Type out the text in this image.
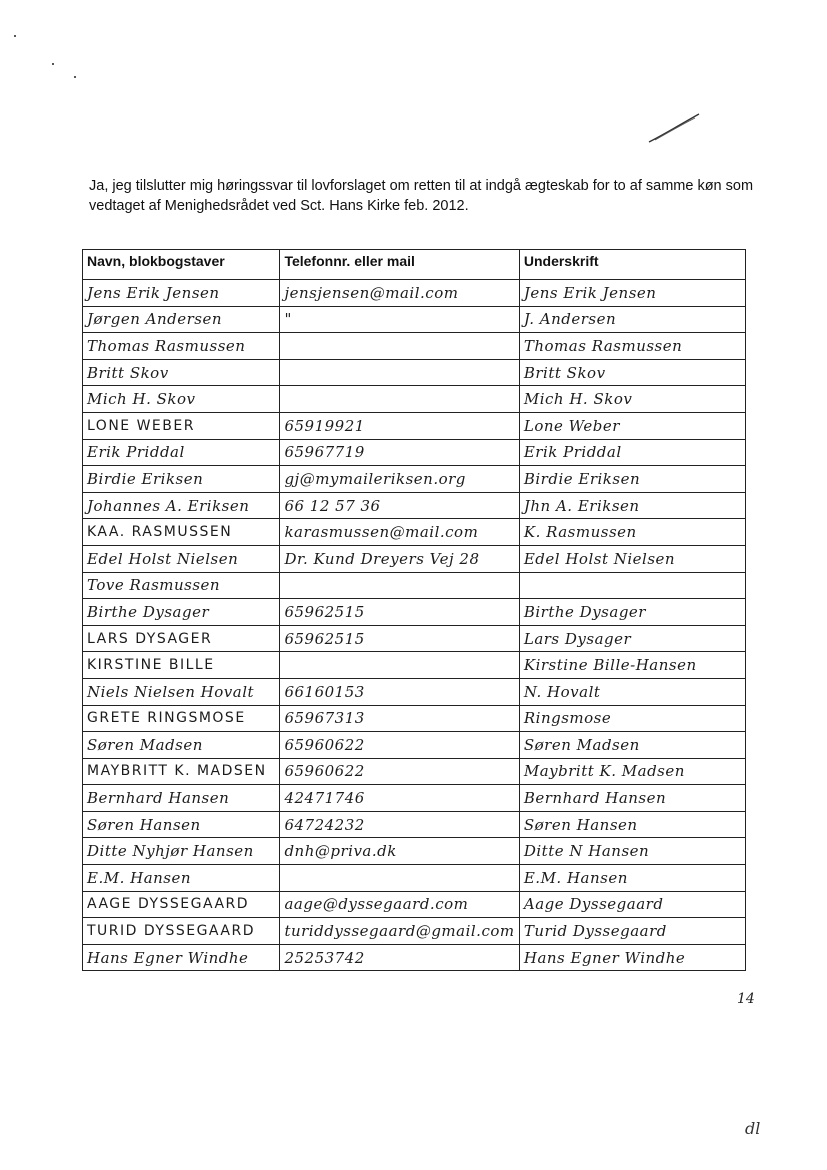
Ja, jeg tilslutter mig høringssvar til lovforslaget om retten til at indgå ægteskab for to af samme køn som vedtaget af Menighedsrådet ved Sct. Hans Kirke feb. 2012.

Navn, blokbogstaver	Telefonnr. eller mail	Underskrift
Jens Erik Jensen	jensjensen@mail.com	Jens Erik Jensen
Jørgen Andersen	"	J. Andersen
Thomas Rasmussen		Thomas Rasmussen
Britt Skov		Britt Skov
Mich H. Skov		Mich H. Skov
LONE WEBER	65919921	Lone Weber
Erik Priddal	65967719	Erik Priddal
Birdie Eriksen	gj@mymaileriksen.org	Birdie Eriksen
Johannes A. Eriksen	66 12 57 36	Jhn A. Eriksen
KAA. RASMUSSEN	karasmussen@mail.com	K. Rasmussen
Edel Holst Nielsen	Dr. Kund Dreyers Vej 28	Edel Holst Nielsen
Tove Rasmussen		
Birthe Dysager	65962515	Birthe Dysager
LARS DYSAGER	65962515	Lars Dysager
KIRSTINE BILLE		Kirstine Bille-Hansen
Niels Nielsen Hovalt	66160153	N. Hovalt
GRETE RINGSMOSE	65967313	Ringsmose
Søren Madsen	65960622	Søren Madsen
MAYBRITT K. MADSEN	65960622	Maybritt K. Madsen
Bernhard Hansen	42471746	Bernhard Hansen
Søren Hansen	64724232	Søren Hansen
Ditte Nyhjør Hansen	dnh@priva.dk	Ditte N Hansen
E.M. Hansen		E.M. Hansen
AAGE DYSSEGAARD	aage@dyssegaard.com	Aage Dyssegaard
TURID DYSSEGAARD	turiddyssegaard@gmail.com	Turid Dyssegaard
Hans Egner Windhe	25253742	Hans Egner Windhe
14
dl
